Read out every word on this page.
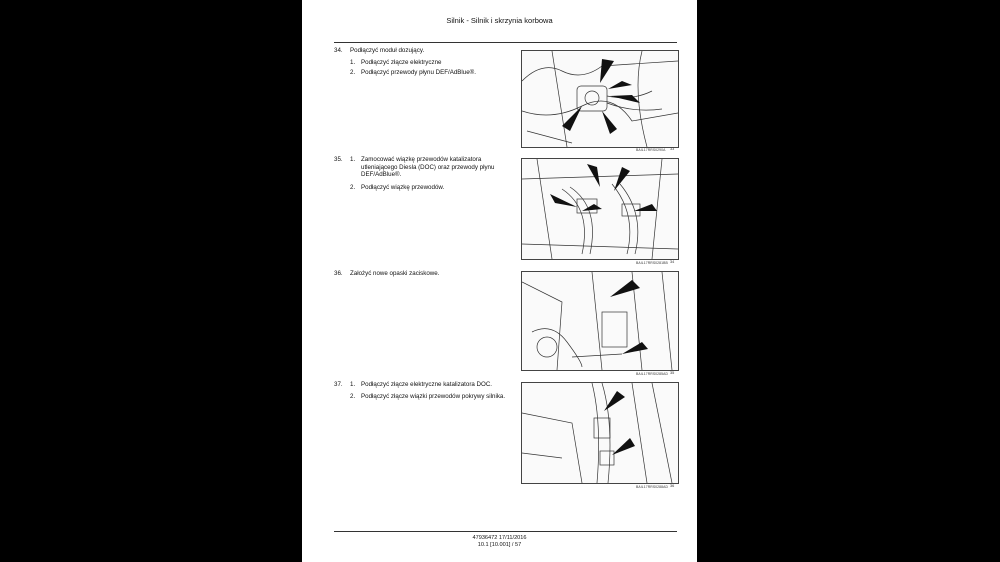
Silnik - Silnik i skrzynia korbowa
34. Podłączyć moduł dozujący.
1. Podłączyć złącze elektryczne
2. Podłączyć przewody płynu DEF/AdBlue®.
BAIL17RRS0290A 33
35. 1. Zamocować wiązkę przewodów katalizatora utleniającego Diesla (DOC) oraz przewody płynu DEF/AdBlue®.
2. Podłączyć wiązkę przewodów.
BAIL17RRS0281BB 34
36. Założyć nowe opaski zaciskowe.
BAIL17RRS0285AD 35
37. 1. Podłączyć złącze elektryczne katalizatora DOC.
2. Podłączyć złącze wiązki przewodów pokrywy silnika.
BAIL17RRS0288AD 36
47936472 17/11/2016
10.1 [10.001] / 57
